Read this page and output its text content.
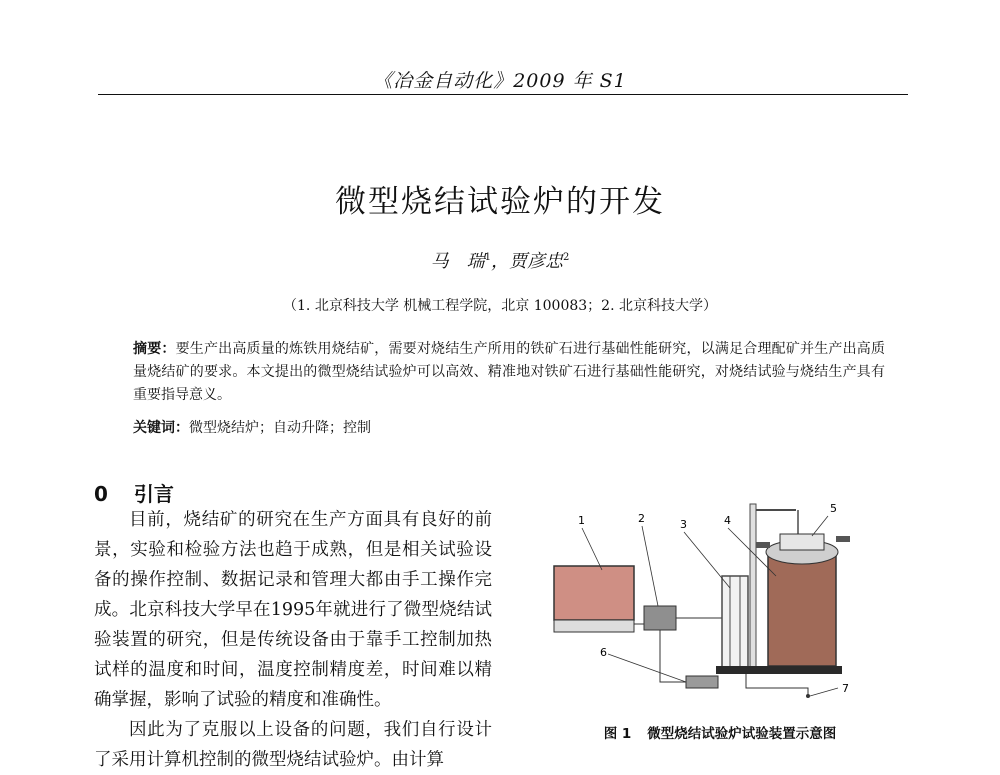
《冶金自动化》2009 年 S1
微型烧结试验炉的开发
马　瑞$^1$，贾彦忠$^2$
（1. 北京科技大学 机械工程学院，北京 100083；2. 北京科技大学）
摘要：要生产出高质量的炼铁用烧结矿，需要对烧结生产所用的铁矿石进行基础性能研究，以满足合理配矿并生产出高质量烧结矿的要求。本文提出的微型烧结试验炉可以高效、精准地对铁矿石进行基础性能研究，对烧结试验与烧结生产具有重要指导意义。
关键词：微型烧结炉；自动升降；控制
0 引言

目前，烧结矿的研究在生产方面具有良好的前景，实验和检验方法也趋于成熟，但是相关试验设备的操作控制、数据记录和管理大都由手工操作完成。北京科技大学早在1995年就进行了微型烧结试验装置的研究，但是传统设备由于靠手工控制加热试样的温度和时间，温度控制精度差，时间难以精确掌握，影响了试验的精度和准确性。

因此为了克服以上设备的问题，我们自行设计了采用计算机控制的微型烧结试验炉。由计算

1	2	3	4
5
6
7
图 1 微型烧结试验炉试验装置示意图
